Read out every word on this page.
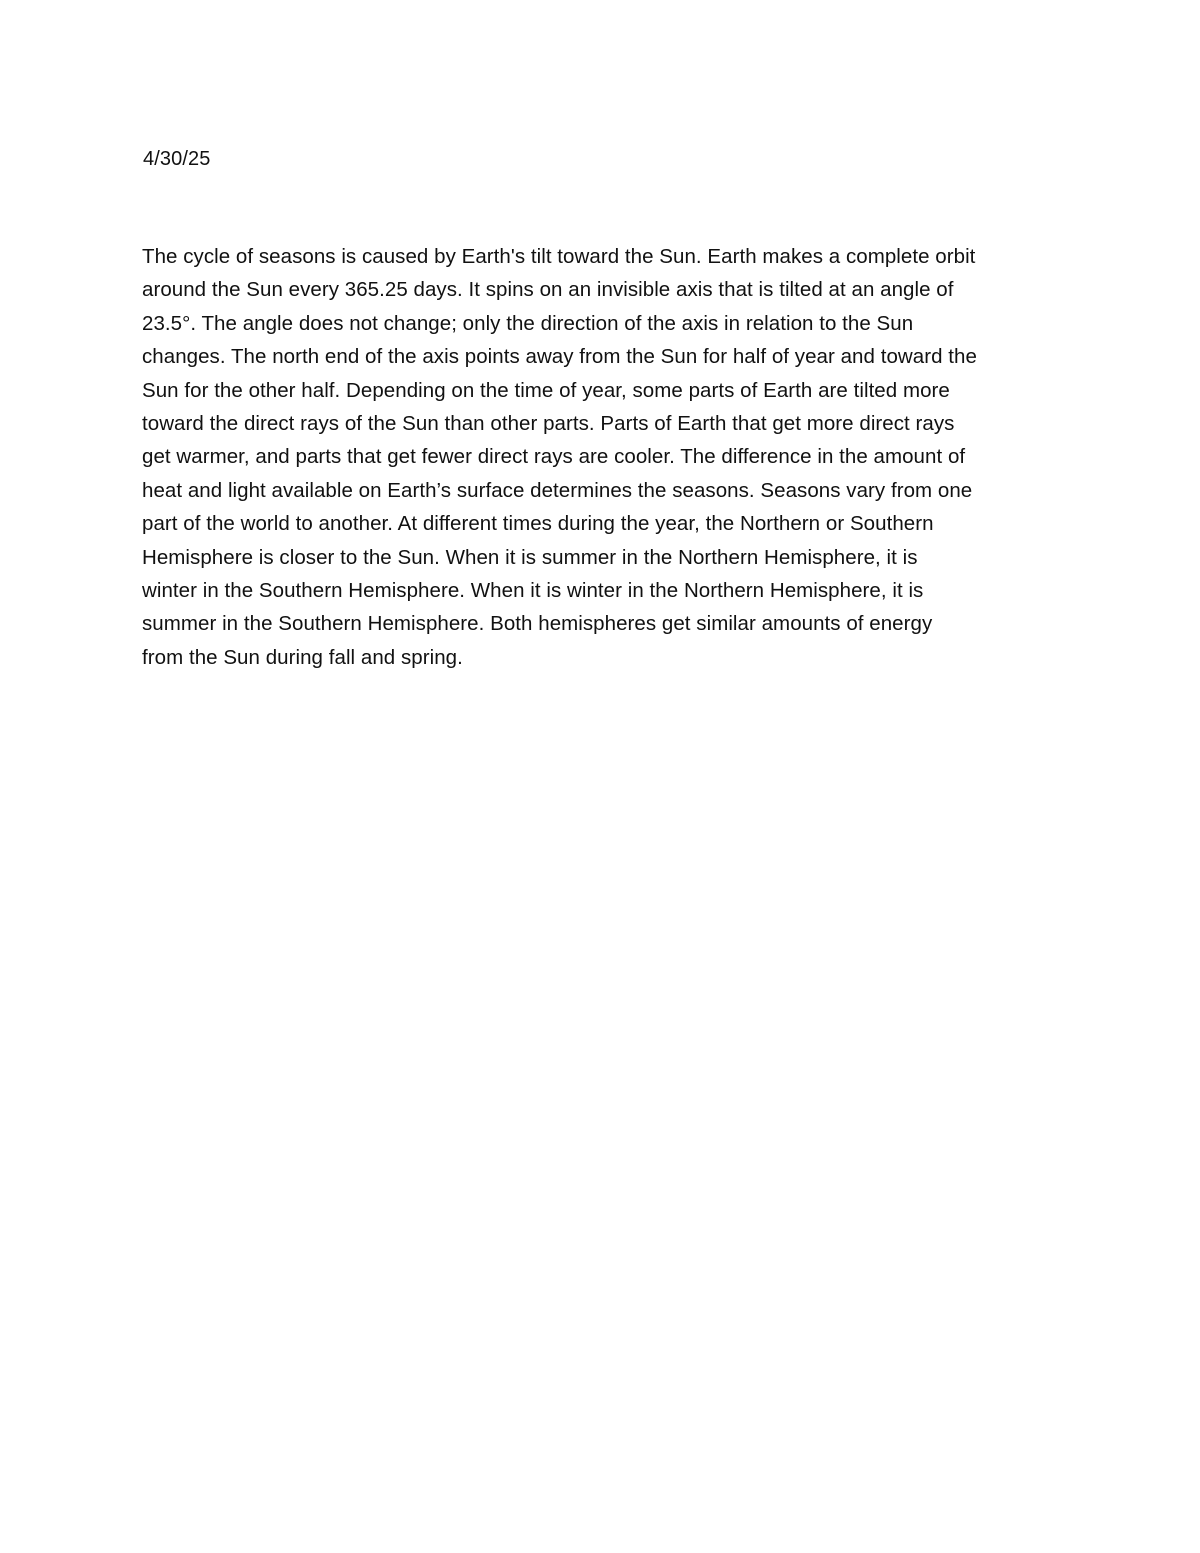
4/30/25

The cycle of seasons is caused by Earth's tilt toward the Sun. Earth makes a complete orbit
around the Sun every 365.25 days. It spins on an invisible axis that is tilted at an angle of
23.5°. The angle does not change; only the direction of the axis in relation to the Sun
changes. The north end of the axis points away from the Sun for half of year and toward the
Sun for the other half. Depending on the time of year, some parts of Earth are tilted more
toward the direct rays of the Sun than other parts. Parts of Earth that get more direct rays
get warmer, and parts that get fewer direct rays are cooler. The difference in the amount of
heat and light available on Earth’s surface determines the seasons. Seasons vary from one
part of the world to another. At different times during the year, the Northern or Southern
Hemisphere is closer to the Sun. When it is summer in the Northern Hemisphere, it is
winter in the Southern Hemisphere. When it is winter in the Northern Hemisphere, it is
summer in the Southern Hemisphere. Both hemispheres get similar amounts of energy
from the Sun during fall and spring.
